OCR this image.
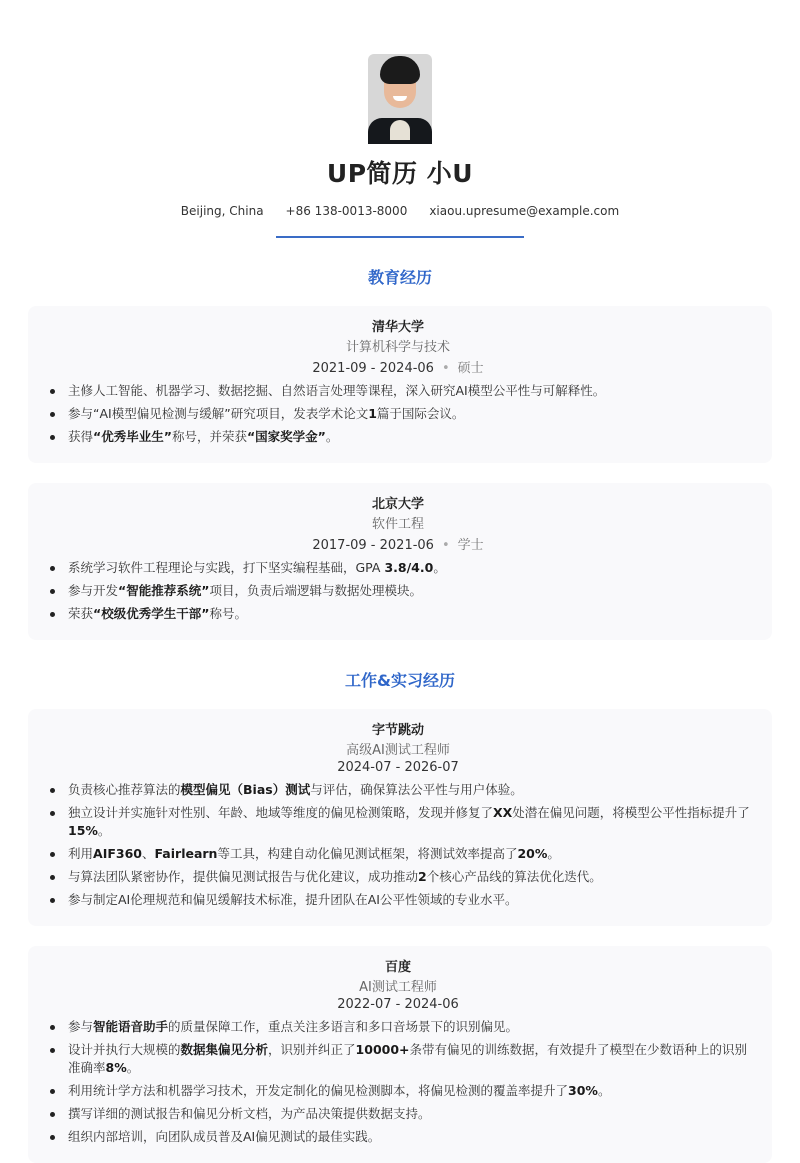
UP简历 小U
Beijing, China +86 138-0013-8000 xiaou.upresume@example.com
教育经历
清华大学
计算机科学与技术
2021-09 - 2024-06 • 硕士
主修人工智能、机器学习、数据挖掘、自然语言处理等课程，深入研究AI模型公平性与可解释性。
参与“AI模型偏见检测与缓解”研究项目，发表学术论文1篇于国际会议。
获得“优秀毕业生”称号，并荣获“国家奖学金”。
北京大学
软件工程
2017-09 - 2021-06 • 学士
系统学习软件工程理论与实践，打下坚实编程基础，GPA 3.8/4.0。
参与开发“智能推荐系统”项目，负责后端逻辑与数据处理模块。
荣获“校级优秀学生干部”称号。
工作&实习经历
字节跳动
高级AI测试工程师
2024-07 - 2026-07
负责核心推荐算法的模型偏见（Bias）测试与评估，确保算法公平性与用户体验。
独立设计并实施针对性别、年龄、地域等维度的偏见检测策略，发现并修复了XX处潜在偏见问题，将模型公平性指标提升了15%。
利用AIF360、Fairlearn等工具，构建自动化偏见测试框架，将测试效率提高了20%。
与算法团队紧密协作，提供偏见测试报告与优化建议，成功推动2个核心产品线的算法优化迭代。
参与制定AI伦理规范和偏见缓解技术标准，提升团队在AI公平性领域的专业水平。
百度
AI测试工程师
2022-07 - 2024-06
参与智能语音助手的质量保障工作，重点关注多语言和多口音场景下的识别偏见。
设计并执行大规模的数据集偏见分析，识别并纠正了10000+条带有偏见的训练数据，有效提升了模型在少数语种上的识别准确率8%。
利用统计学方法和机器学习技术，开发定制化的偏见检测脚本，将偏见检测的覆盖率提升了30%。
撰写详细的测试报告和偏见分析文档，为产品决策提供数据支持。
组织内部培训，向团队成员普及AI偏见测试的最佳实践。
